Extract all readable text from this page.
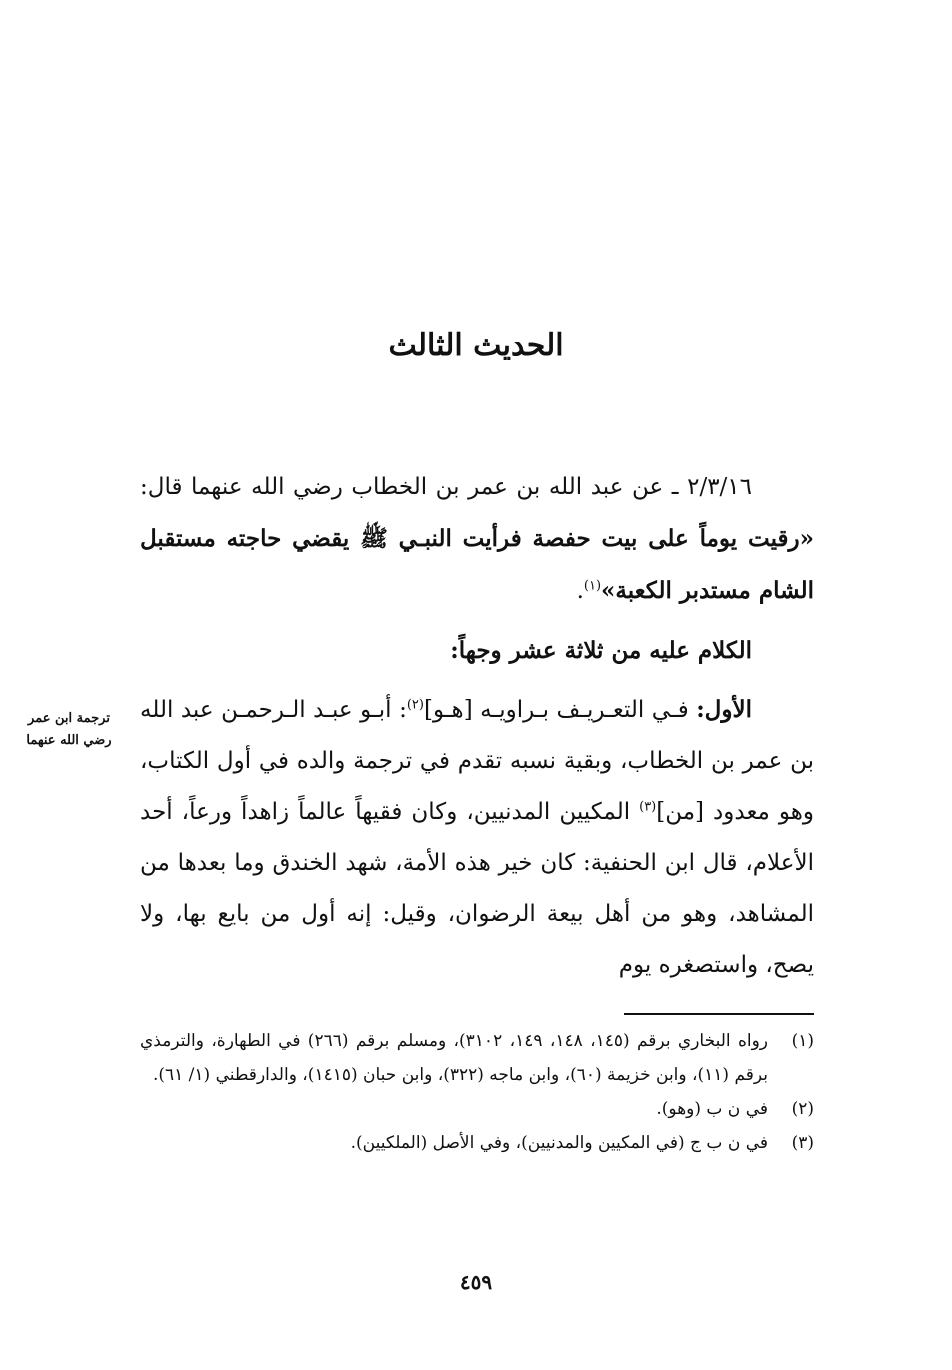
الحديث الثالث

٢/٣/١٦ ـ عن عبد الله بن عمر بن الخطاب رضي الله عنهما قال: «رقيت يوماً على بيت حفصة فرأيت النبـي ﷺ يقضي حاجته مستقبل الشام مستدبر الكعبة»$^{(١)}$.

الكلام عليه من ثلاثة عشر وجهاً:

الأول: فـي التعـريـف بـراويـه [هـو]$^{(٢)}$: أبـو عبـد الـرحمـن عبد الله بن عمر بن الخطاب، وبقية نسبه تقدم في ترجمة والده في أول الكتاب، وهو معدود [من]$^{(٣)}$ المكيين المدنيين، وكان فقيهاً عالماً زاهداً ورعاً، أحد الأعلام، قال ابن الحنفية: كان خير هذه الأمة، شهد الخندق وما بعدها من المشاهد، وهو من أهل بيعة الرضوان، وقيل: إنه أول من بايع بها، ولا يصح، واستصغره يوم

ترجمة ابن عمر
رضي الله عنهما
(١)
رواه البخاري برقم (١٤٥، ١٤٨، ١٤٩، ٣١٠٢)، ومسلم برقم (٢٦٦) في الطهارة، والترمذي برقم (١١)، وابن خزيمة (٦٠)، وابن ماجه (٣٢٢)، وابن حبان (١٤١٥)، والدارقطني (١/ ٦١).
(٢)
في ن ب (وهو).
(٣)
في ن ب ج (في المكيين والمدنيين)، وفي الأصل (الملكيين).
٤٥٩
